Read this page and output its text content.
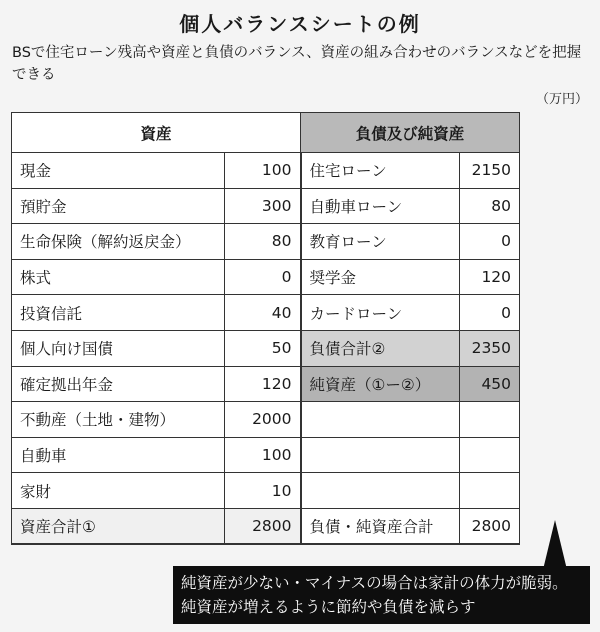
個人バランスシートの例
BSで住宅ローン残高や資産と負債のバランス、資産の組み合わせのバランスなどを把握できる
（万円）
資産		負債及び純資産	
現金	100	住宅ローン	2150
預貯金	300	自動車ローン	80
生命保険（解約返戻金）	80	教育ローン	0
株式	0	奨学金	120
投資信託	40	カードローン	0
個人向け国債	50	負債合計②	2350
確定拠出年金	120	純資産（①ー②）	450
不動産（土地・建物）	2000		
自動車	100		
家財	10		
資産合計①	2800	負債・純資産合計	2800
純資産が少ない・マイナスの場合は家計の体力が脆弱。純資産が増えるように節約や負債を減らす
